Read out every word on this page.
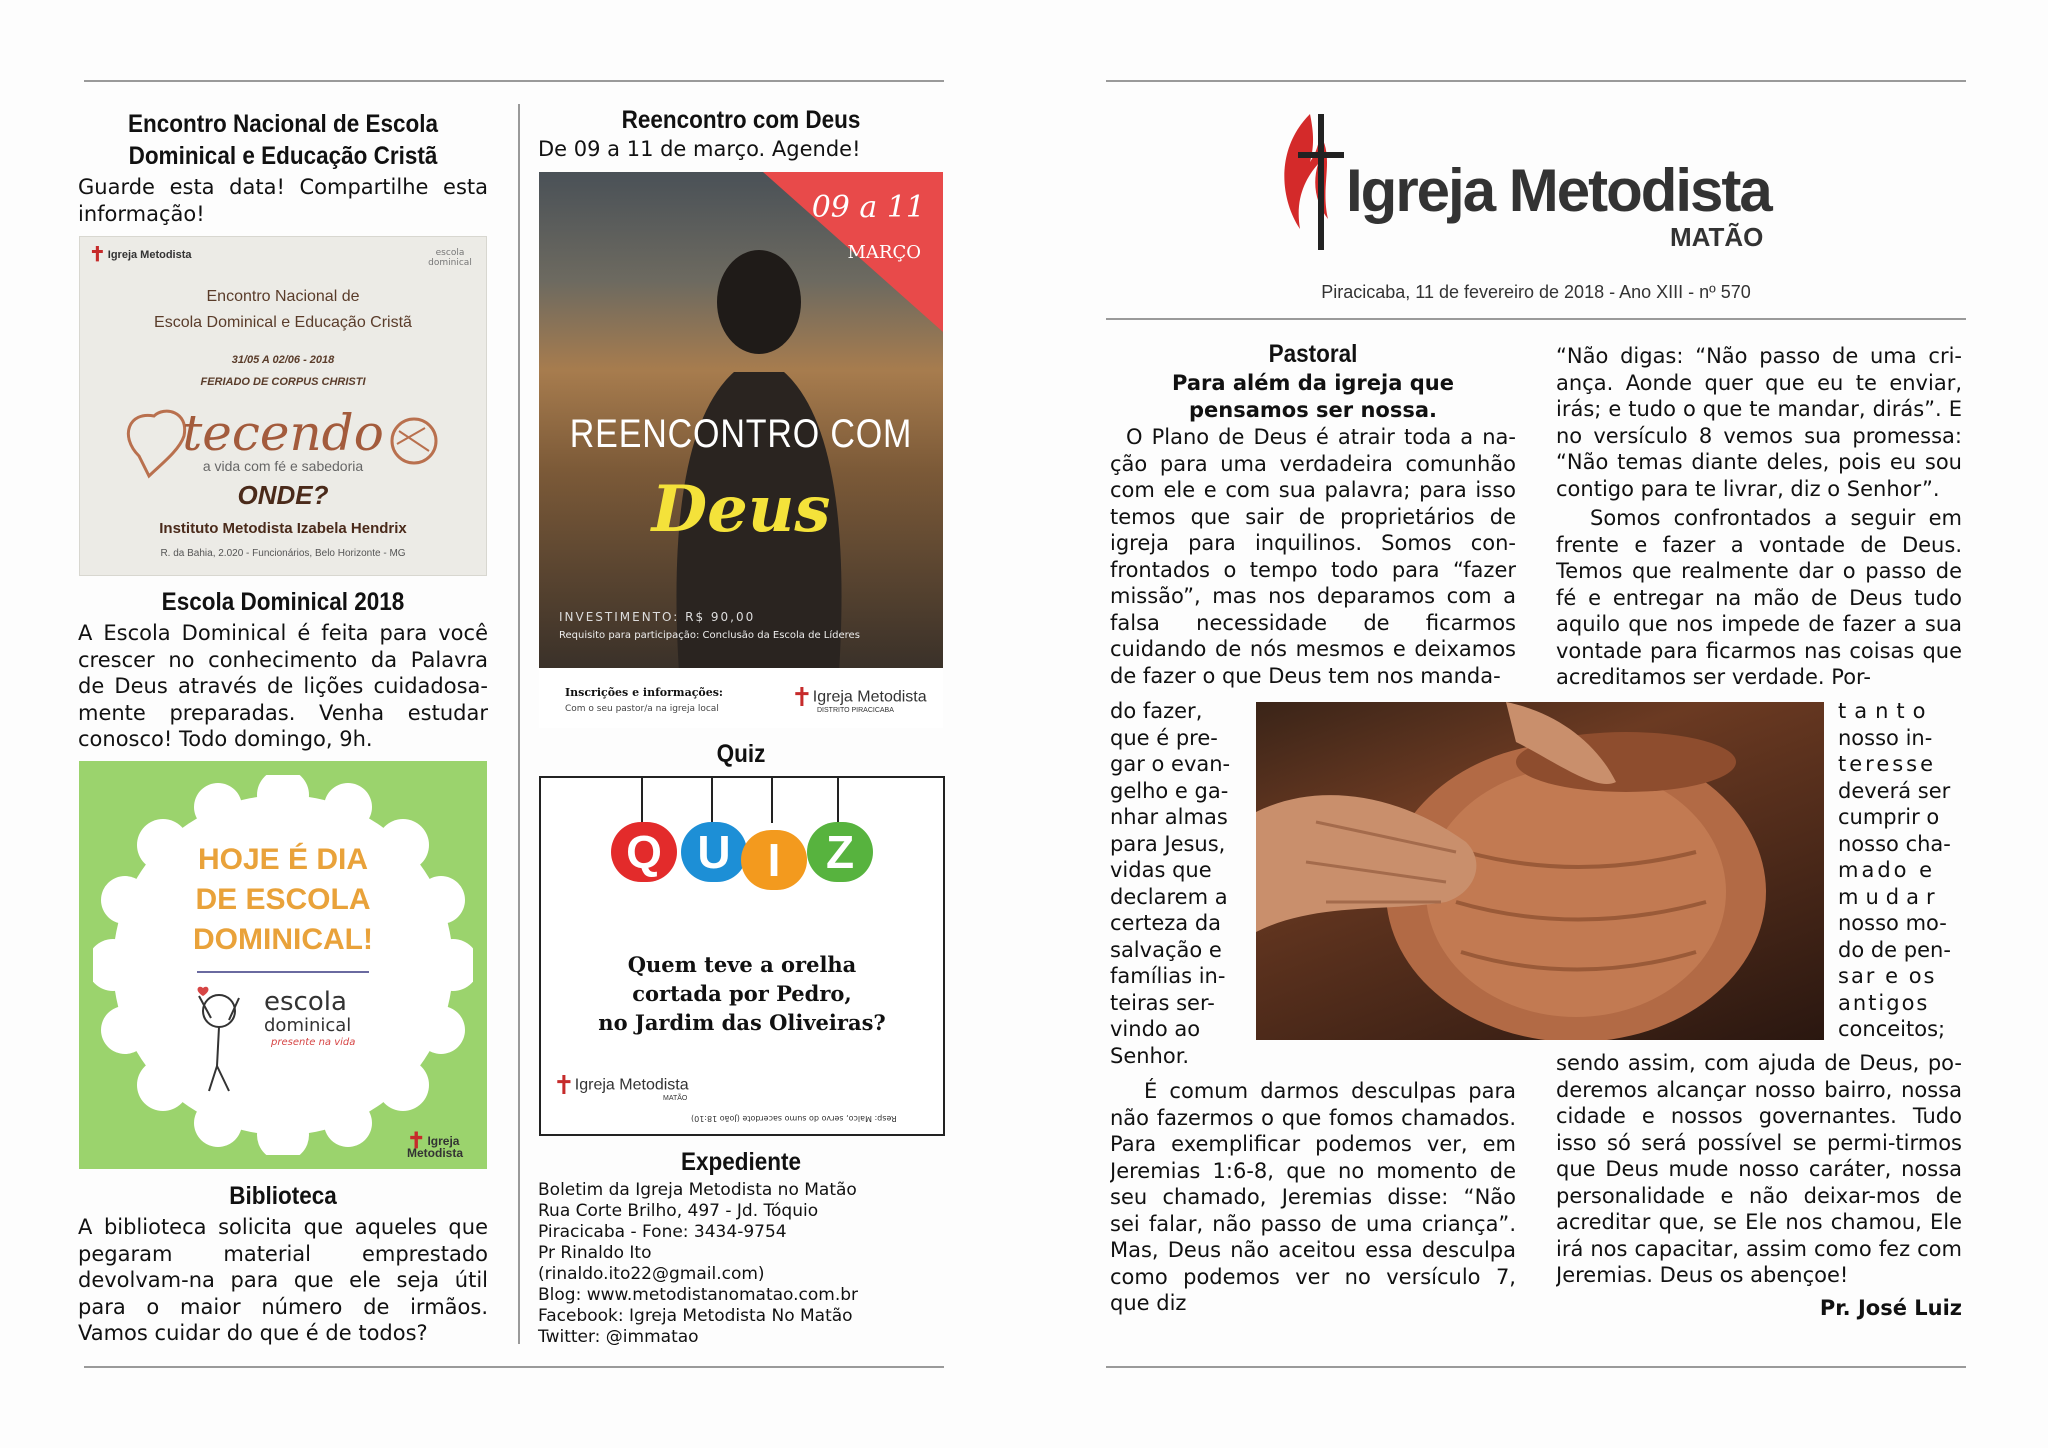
Encontro Nacional de Escola
Dominical e Educação Cristã
Guarde esta data! Compartilhe esta informação!
✝ Igreja Metodista	escola dominical
Encontro Nacional de
Escola Dominical e Educação Cristã
31/05 A 02/06 - 2018
FERIADO DE CORPUS CHRISTI
tecendo
a vida com fé e sabedoria
ONDE?
Instituto Metodista Izabela Hendrix
R. da Bahia, 2.020 - Funcionários, Belo Horizonte - MG
Escola Dominical 2018
A Escola Dominical é feita para você crescer no conhecimento da Palavra de Deus através de lições cuidadosa-mente preparadas. Venha estudar conosco! Todo domingo, 9h.
HOJE É DIA
DE ESCOLA
DOMINICAL!
escola
dominical
presente na vida
✝ Igreja Metodista
Biblioteca
A biblioteca solicita que aqueles que pegaram material emprestado devolvam-na para que ele seja útil para o maior número de irmãos. Vamos cuidar do que é de todos?
Reencontro com Deus
De 09 a 11 de março. Agende!
09 a 11
MARÇO
REENCONTRO COM
Deus
INVESTIMENTO: R$ 90,00
Requisito para participação: Conclusão da Escola de Líderes
Inscrições e informações:
Com o seu pastor/a na igreja local	✝Igreja Metodista
DISTRITO PIRACICABA
Quiz
Q U I Z
Quem teve a orelha
cortada por Pedro,
no Jardim das Oliveiras?
✝Igreja Metodista
MATÃO
Resp: Malco, servo do sumo sacerdote (João 18:10)
Expediente
Boletim da Igreja Metodista no Matão
Rua Corte Brilho, 497 - Jd. Tóquio
Piracicaba - Fone: 3434-9754
Pr Rinaldo Ito
(rinaldo.ito22@gmail.com)
Blog: www.metodistanomatao.com.br
Facebook: Igreja Metodista No Matão
Twitter: @immatao
Igreja Metodista
MATÃO
Piracicaba, 11 de fevereiro de 2018 - Ano XIII - nº 570
Pastoral
Para além da igreja que
pensamos ser nossa.
O Plano de Deus é atrair toda a na-ção para uma verdadeira comunhão com ele e com sua palavra; para isso temos que sair de proprietários de igreja para inquilinos. Somos con-frontados o tempo todo para “fazer missão”, mas nos deparamos com a falsa necessidade de ficarmos cuidando de nós mesmos e deixamos de fazer o que Deus tem nos manda-
do fazer,
que é pre-
gar o evan-
gelho e ga-
nhar almas
para Jesus,
vidas que
declarem a
certeza da
salvação e
famílias in-
teiras ser-
vindo ao
Senhor.
É comum darmos desculpas para não fazermos o que fomos chamados. Para exemplificar podemos ver, em Jeremias 1:6-8, que no momento de seu chamado, Jeremias disse: “Não sei falar, não passo de uma criança”. Mas, Deus não aceitou essa desculpa como podemos ver no versículo 7, que diz
“Não digas: “Não passo de uma cri-ança. Aonde quer que eu te enviar, irás; e tudo o que te mandar, dirás”. E no versículo 8 vemos sua promessa: “Não temas diante deles, pois eu sou contigo para te livrar, diz o Senhor”.
Somos confrontados a seguir em frente e fazer a vontade de Deus. Temos que realmente dar o passo de fé e entregar na mão de Deus tudo aquilo que nos impede de fazer a sua vontade para ficarmos nas coisas que acreditamos ser verdade. Por-
tanto
nosso in-
teresse
deverá ser
cumprir o
nosso cha-
mado e
mudar
nosso mo-
do de pen-
sar e os
antigos
conceitos;
sendo assim, com ajuda de Deus, po-deremos alcançar nosso bairro, nossa cidade e nossos governantes. Tudo isso só será possível se permi-tirmos que Deus mude nosso caráter, nossa personalidade e não deixar-mos de acreditar que, se Ele nos chamou, Ele irá nos capacitar, assim como fez com Jeremias. Deus os abençoe!
Pr. José Luiz
